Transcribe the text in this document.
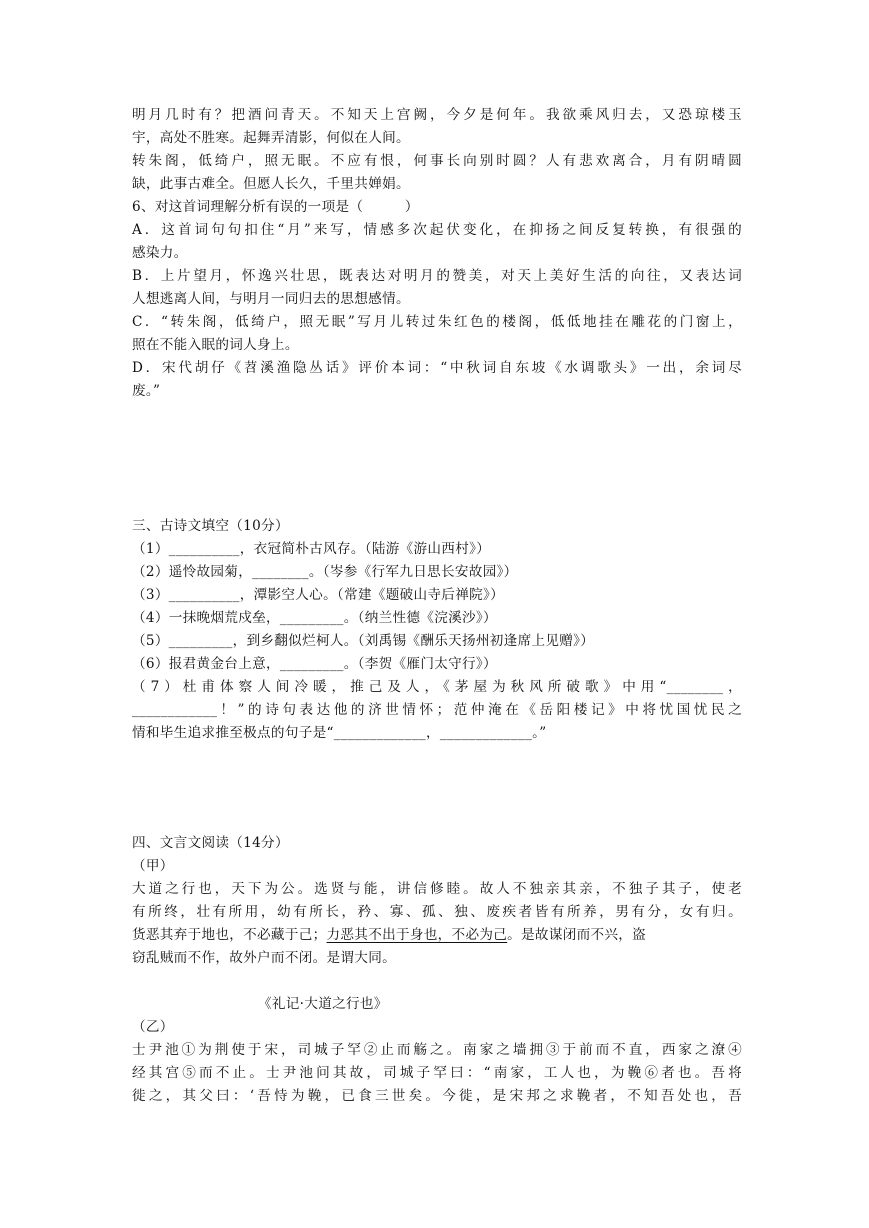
明月几时有？把酒问青天。不知天上宫阙，今夕是何年。我欲乘风归去，又恐琼楼玉
宇，高处不胜寒。起舞弄清影，何似在人间。
转朱阁，低绮户，照无眠。不应有恨，何事长向别时圆？人有悲欢离合，月有阴晴圆
缺，此事古难全。但愿人长久，千里共婵娟。
6、对这首词理解分析有误的一项是（　　　）
A．这首词句句扣住“月”来写，情感多次起伏变化，在抑扬之间反复转换，有很强的
感染力。
B．上片望月，怀逸兴壮思，既表达对明月的赞美，对天上美好生活的向往，又表达词
人想逃离人间，与明月一同归去的思想感情。
C．“转朱阁，低绮户，照无眠”写月儿转过朱红色的楼阁，低低地挂在雕花的门窗上，
照在不能入眠的词人身上。
D．宋代胡仔《苕溪渔隐丛话》评价本词：“中秋词自东坡《水调歌头》一出，余词尽
废。”
三、古诗文填空（10分）
（1）__________，衣冠简朴古风存。（陆游《游山西村》）
（2）遥怜故园菊，________。（岑参《行军九日思长安故园》）
（3）__________，潭影空人心。（常建《题破山寺后禅院》）
（4）一抹晚烟荒戍垒，_________。（纳兰性德《浣溪沙》）
（5）_________，到乡翻似烂柯人。（刘禹锡《酬乐天扬州初逢席上见赠》）
（6）报君黄金台上意，_________。（李贺《雁门太守行》）
（7）杜甫体察人间冷暖，推己及人，《茅屋为秋风所破歌》中用“________，
____________！”的诗句表达他的济世情怀；范仲淹在《岳阳楼记》中将忧国忧民之
情和毕生追求推至极点的句子是“_____________，_____________。”
四、文言文阅读（14分）
（甲）
大道之行也，天下为公。选贤与能，讲信修睦。故人不独亲其亲，不独子其子，使老
有所终，壮有所用，幼有所长，矜、寡、孤、独、废疾者皆有所养，男有分，女有归。
货恶其弃于地也，不必藏于己；力恶其不出于身也，不必为己。是故谋闭而不兴，盗
窃乱贼而不作，故外户而不闭。是谓大同。
《礼记·大道之行也》
（乙）
士尹池①为荆使于宋，司城子罕②止而觞之。南家之墙拥③于前而不直，西家之潦④
经其宫⑤而不止。士尹池问其故，司城子罕曰：“南家，工人也，为鞔⑥者也。吾将
徙之，其父曰：‘吾恃为鞔，已食三世矣。今徙，是宋邦之求鞔者，不知吾处也，吾
